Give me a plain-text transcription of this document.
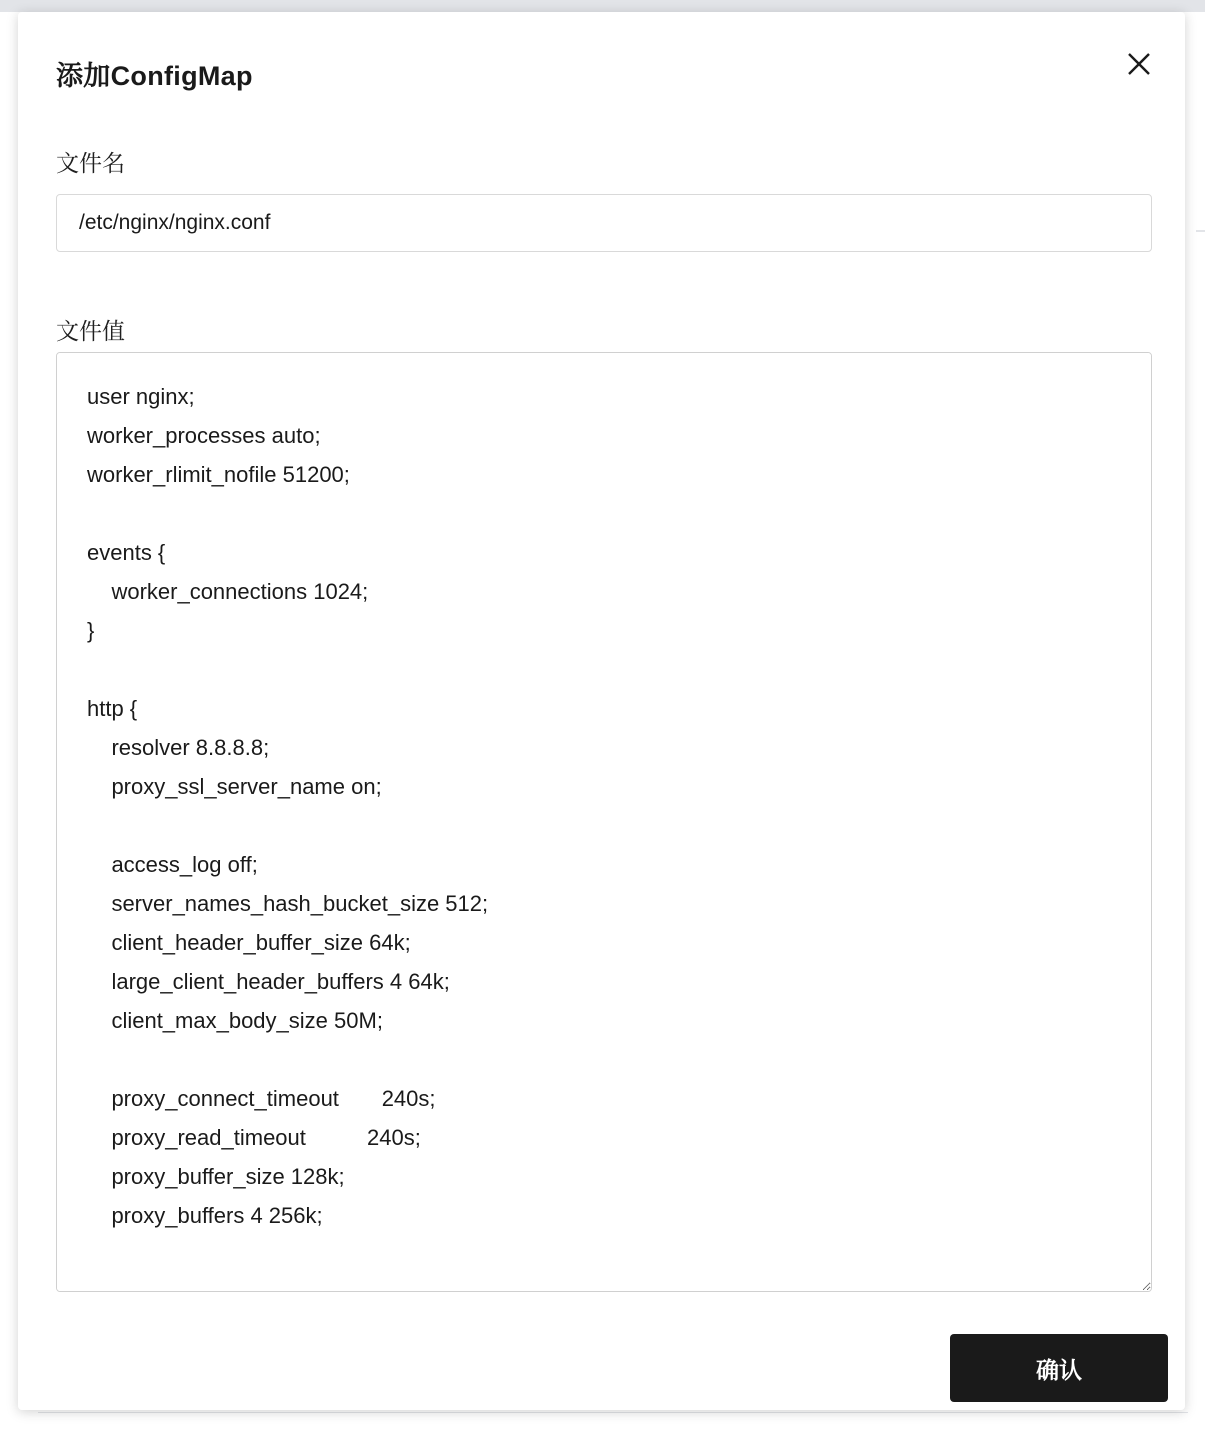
添加ConfigMap
文件名
/etc/nginx/nginx.conf
文件值
user nginx; worker_processes auto; worker_rlimit_nofile 51200; events { worker_connections 1024; } http { resolver 8.8.8.8; proxy_ssl_server_name on; access_log off; server_names_hash_bucket_size 512; client_header_buffer_size 64k; large_client_header_buffers 4 64k; client_max_body_size 50M; proxy_connect_timeout 240s; proxy_read_timeout 240s; proxy_buffer_size 128k; proxy_buffers 4 256k;
确认
